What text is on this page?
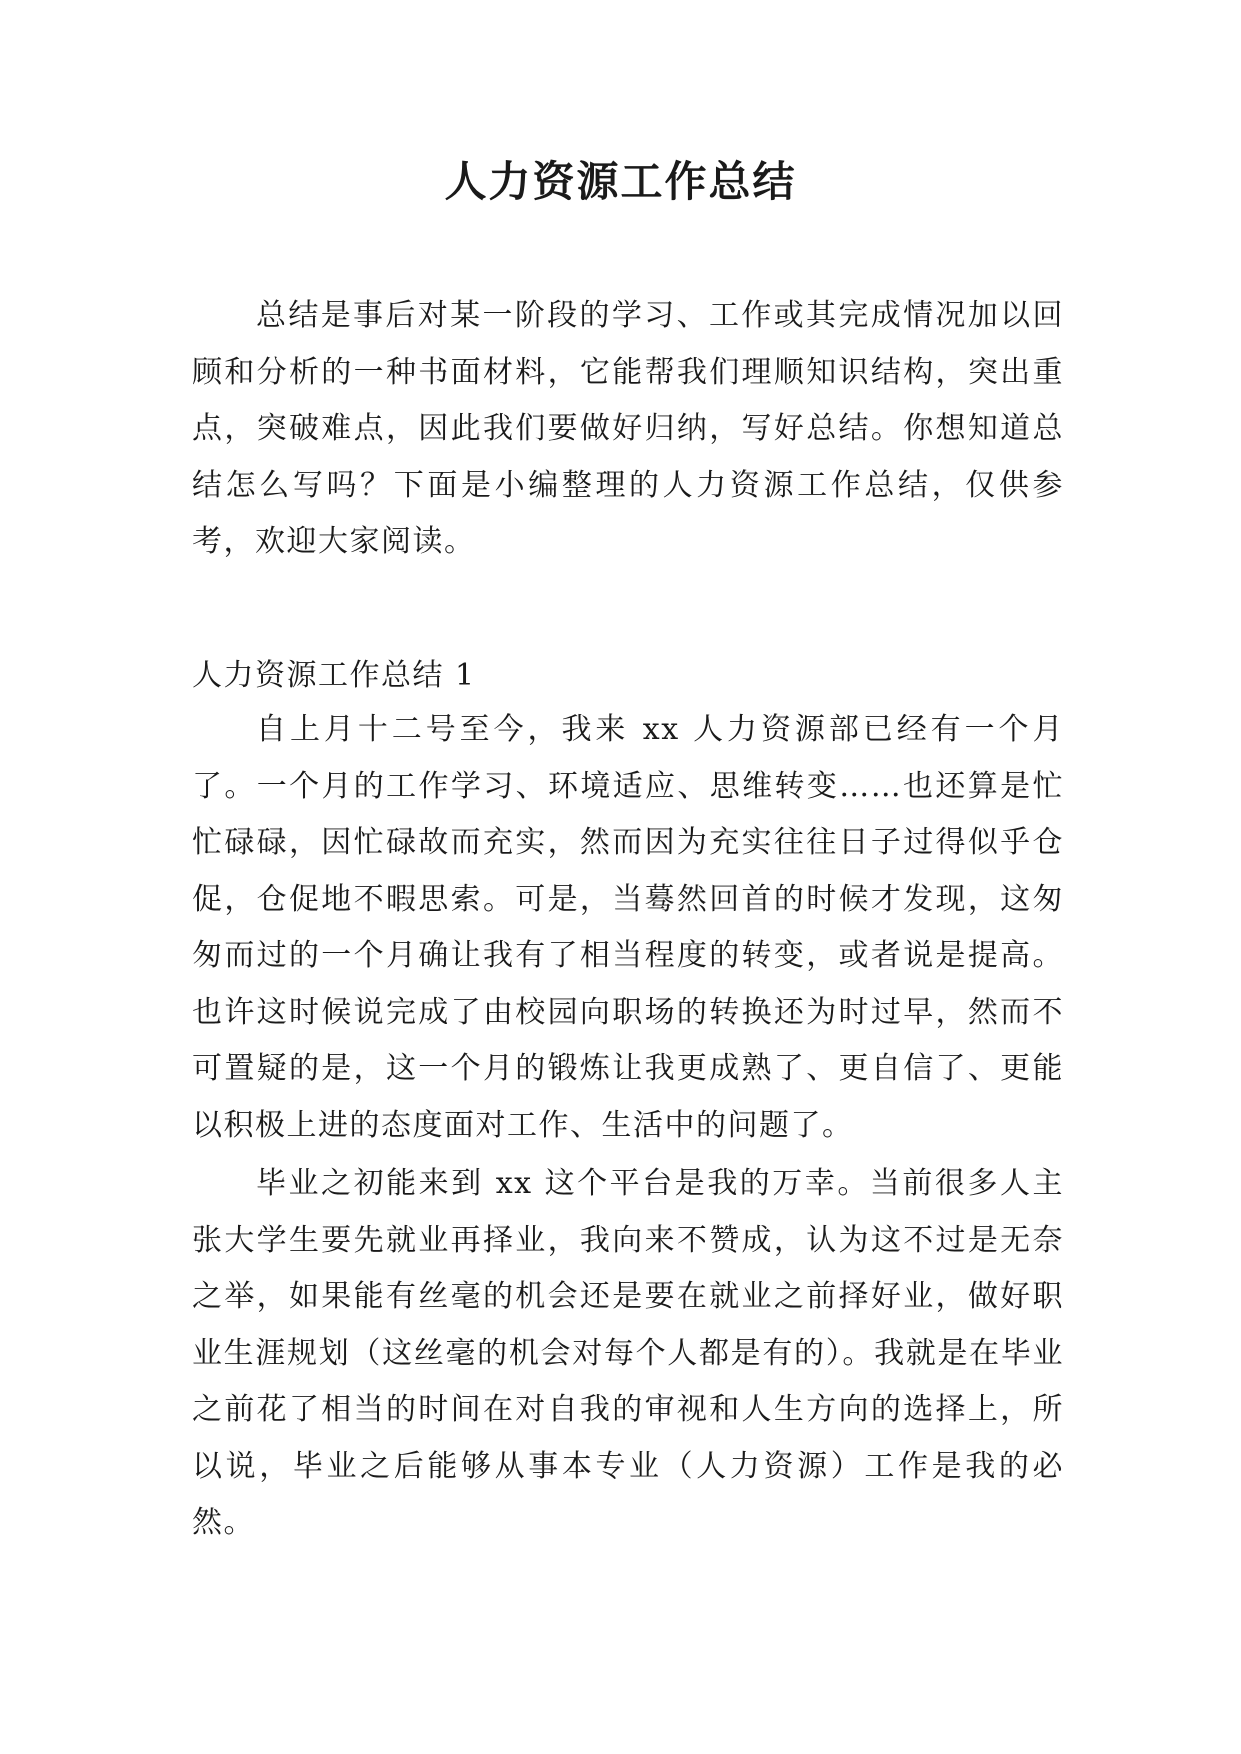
人力资源工作总结

总结是事后对某一阶段的学习、工作或其完成情况加以回顾和分析的一种书面材料，它能帮我们理顺知识结构，突出重点，突破难点，因此我们要做好归纳，写好总结。你想知道总结怎么写吗？下面是小编整理的人力资源工作总结，仅供参考，欢迎大家阅读。

人力资源工作总结 1

自上月十二号至今，我来 xx 人力资源部已经有一个月了。一个月的工作学习、环境适应、思维转变……也还算是忙忙碌碌，因忙碌故而充实，然而因为充实往往日子过得似乎仓促，仓促地不暇思索。可是，当蓦然回首的时候才发现，这匆匆而过的一个月确让我有了相当程度的转变，或者说是提高。也许这时候说完成了由校园向职场的转换还为时过早，然而不可置疑的是，这一个月的锻炼让我更成熟了、更自信了、更能以积极上进的态度面对工作、生活中的问题了。

毕业之初能来到 xx 这个平台是我的万幸。当前很多人主张大学生要先就业再择业，我向来不赞成，认为这不过是无奈之举，如果能有丝毫的机会还是要在就业之前择好业，做好职业生涯规划（这丝毫的机会对每个人都是有的）。我就是在毕业之前花了相当的时间在对自我的审视和人生方向的选择上，所以说，毕业之后能够从事本专业（人力资源）工作是我的必然。
